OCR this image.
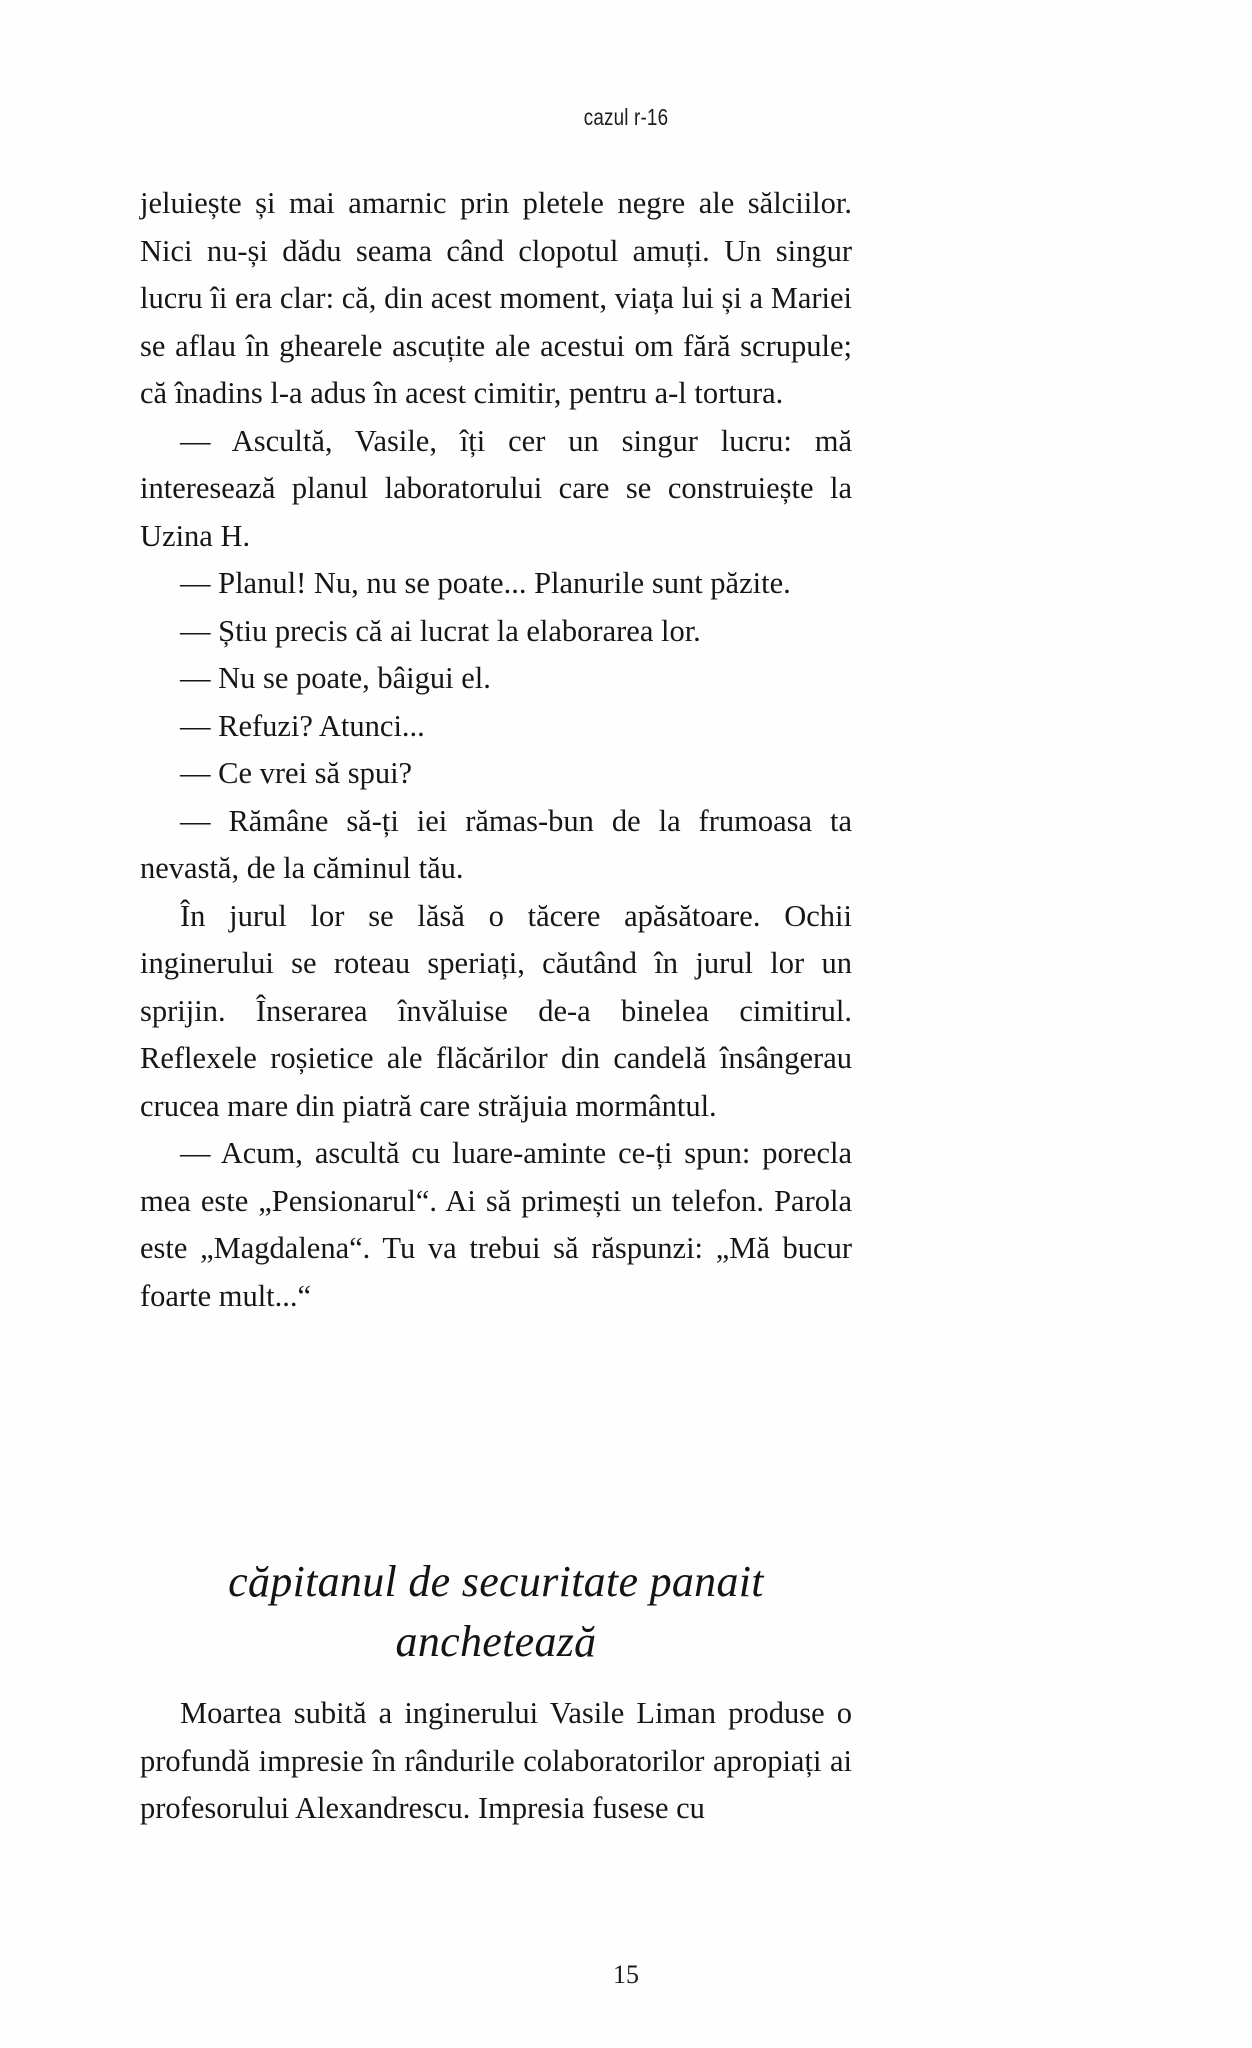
cazul r-16

jeluiește și mai amarnic prin pletele negre ale sălciilor. Nici nu-și dădu seama când clopotul amuți. Un singur lucru îi era clar: că, din acest moment, viața lui și a Mariei se aflau în ghearele ascuțite ale acestui om fără scrupule; că înadins l-a adus în acest cimitir, pentru a-l tortura.

— Ascultă, Vasile, îți cer un singur lucru: mă interesează planul laboratorului care se construiește la Uzina H.

— Planul! Nu, nu se poate... Planurile sunt păzite.

— Știu precis că ai lucrat la elaborarea lor.

— Nu se poate, bâigui el.

— Refuzi? Atunci...

— Ce vrei să spui?

— Rămâne să-ți iei rămas-bun de la frumoasa ta nevastă, de la căminul tău.

În jurul lor se lăsă o tăcere apăsătoare. Ochii inginerului se roteau speriați, căutând în jurul lor un sprijin. Înserarea învăluise de-a binelea cimitirul. Reflexele roșietice ale flăcărilor din candelă însângerau crucea mare din piatră care străjuia mormântul.

— Acum, ascultă cu luare-aminte ce-ți spun: porecla mea este „Pensionarul“. Ai să primești un telefon. Parola este „Magdalena“. Tu va trebui să răspunzi: „Mă bucur foarte mult...“

căpitanul de securitate panait
anchetează

Moartea subită a inginerului Vasile Liman produse o profundă impresie în rândurile colaboratorilor apropiați ai profesorului Alexandrescu. Impresia fusese cu

15
